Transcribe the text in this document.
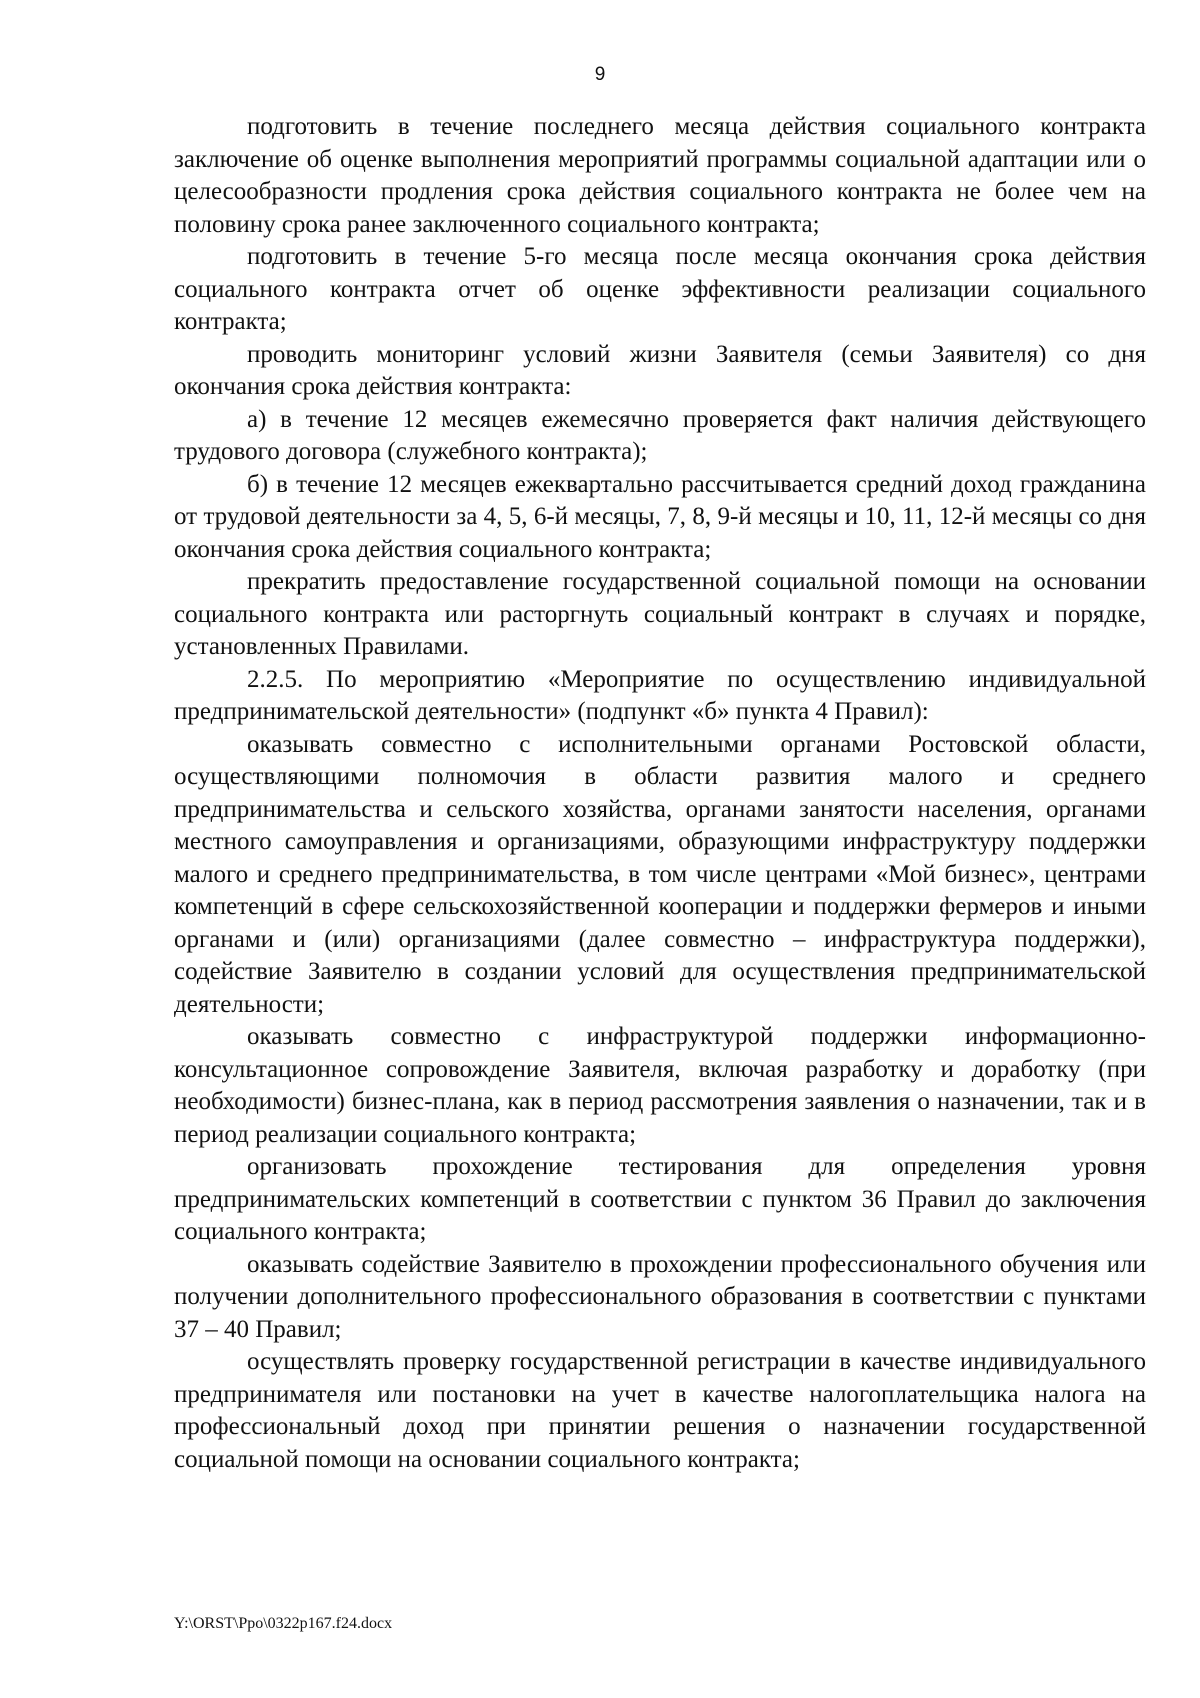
9

подготовить в течение последнего месяца действия социального контракта заключение об оценке выполнения мероприятий программы социальной адаптации или о целесообразности продления срока действия социального контракта не более чем на половину срока ранее заключенного социального контракта;

подготовить в течение 5-го месяца после месяца окончания срока действия социального контракта отчет об оценке эффективности реализации социального контракта;

проводить мониторинг условий жизни Заявителя (семьи Заявителя) со дня окончания срока действия контракта:

а) в течение 12 месяцев ежемесячно проверяется факт наличия действующего трудового договора (служебного контракта);

б) в течение 12 месяцев ежеквартально рассчитывается средний доход гражданина от трудовой деятельности за 4, 5, 6-й месяцы, 7, 8, 9-й месяцы и 10, 11, 12-й месяцы со дня окончания срока действия социального контракта;

прекратить предоставление государственной социальной помощи на основании социального контракта или расторгнуть социальный контракт в случаях и порядке, установленных Правилами.

2.2.5. По мероприятию «Мероприятие по осуществлению индивидуальной предпринимательской деятельности» (подпункт «б» пункта 4 Правил):

оказывать совместно с исполнительными органами Ростовской области, осуществляющими полномочия в области развития малого и среднего предпринимательства и сельского хозяйства, органами занятости населения, органами местного самоуправления и организациями, образующими инфраструктуру поддержки малого и среднего предпринимательства, в том числе центрами «Мой бизнес», центрами компетенций в сфере сельскохозяйственной кооперации и поддержки фермеров и иными органами и (или) организациями (далее совместно – инфраструктура поддержки), содействие Заявителю в создании условий для осуществления предпринимательской деятельности;

оказывать совместно с инфраструктурой поддержки информационно-консультационное сопровождение Заявителя, включая разработку и доработку (при необходимости) бизнес-плана, как в период рассмотрения заявления о назначении, так и в период реализации социального контракта;

организовать прохождение тестирования для определения уровня предпринимательских компетенций в соответствии с пунктом 36 Правил до заключения социального контракта;

оказывать содействие Заявителю в прохождении профессионального обучения или получении дополнительного профессионального образования в соответствии с пунктами 37 – 40 Правил;

осуществлять проверку государственной регистрации в качестве индивидуального предпринимателя или постановки на учет в качестве налогоплательщика налога на профессиональный доход при принятии решения о назначении государственной социальной помощи на основании социального контракта;

Y:\ORST\Ppo\0322p167.f24.docx
